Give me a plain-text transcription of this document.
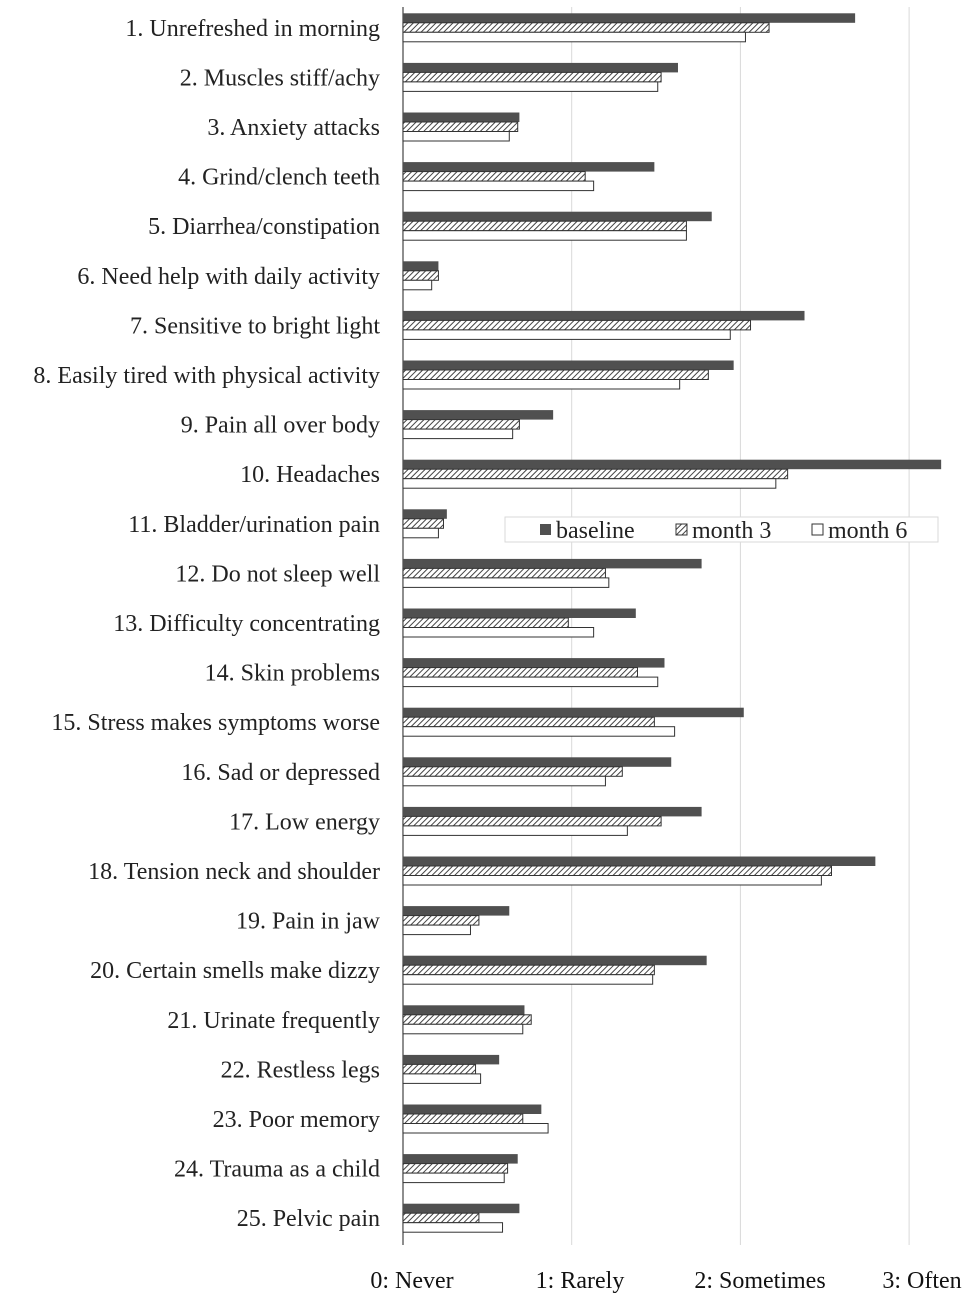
1. Unrefreshed in morning
2. Muscles stiff/achy
3. Anxiety attacks
4. Grind/clench teeth
5. Diarrhea/constipation
6. Need help with daily activity
7. Sensitive to bright light
8. Easily tired with physical activity
9. Pain all over body
10. Headaches
11. Bladder/urination pain
12. Do not sleep well
13. Difficulty concentrating
14. Skin problems
15. Stress makes symptoms worse
16. Sad or depressed
17. Low energy
18. Tension neck and shoulder
19. Pain in jaw
20. Certain smells make dizzy
21. Urinate frequently
22. Restless legs
23. Poor memory
24. Trauma as a child
25. Pelvic pain
0: Never	1: Rarely	2: Sometimes 3: Often
baseline month 3 month 6
